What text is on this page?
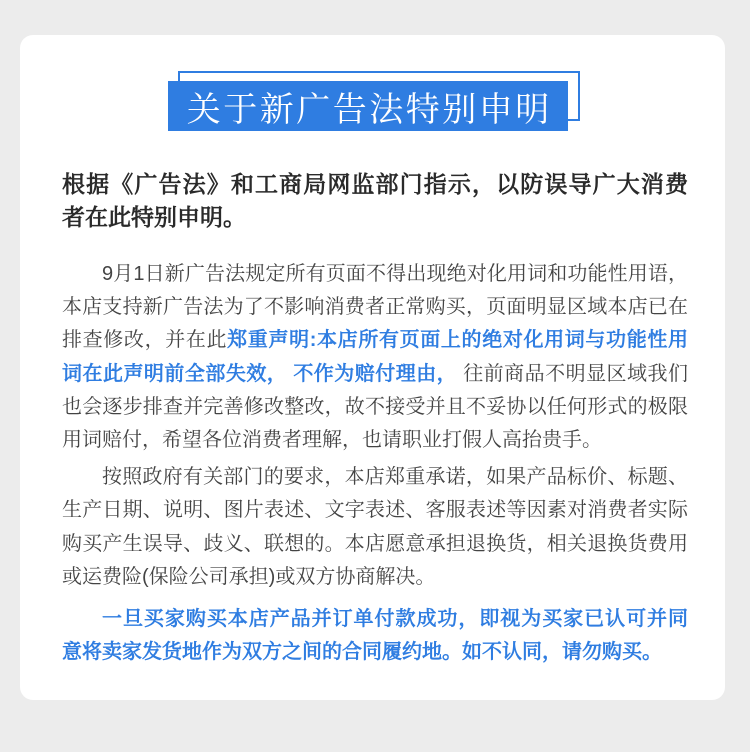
关于新广告法特别申明
根据《广告法》和工商局网监部门指示，以防误导广大消费
者在此特别申明。
9月1日新广告法规定所有页面不得出现绝对化用词和功能性用语，
本店支持新广告法为了不影响消费者正常购买，页面明显区域本店已在
排查修改，并在此郑重声明:本店所有页面上的绝对化用词与功能性用
词在此声明前全部失效， 不作为赔付理由， 往前商品不明显区域我们
也会逐步排查并完善修改整改，故不接受并且不妥协以任何形式的极限
用词赔付，希望各位消费者理解，也请职业打假人高抬贵手。
按照政府有关部门的要求，本店郑重承诺，如果产品标价、标题、
生产日期、说明、图片表述、文字表述、客服表述等因素对消费者实际
购买产生误导、歧义、联想的。本店愿意承担退换货，相关退换货费用
或运费险(保险公司承担)或双方协商解决。
一旦买家购买本店产品并订单付款成功，即视为买家已认可并同
意将卖家发货地作为双方之间的合同履约地。如不认同，请勿购买。
